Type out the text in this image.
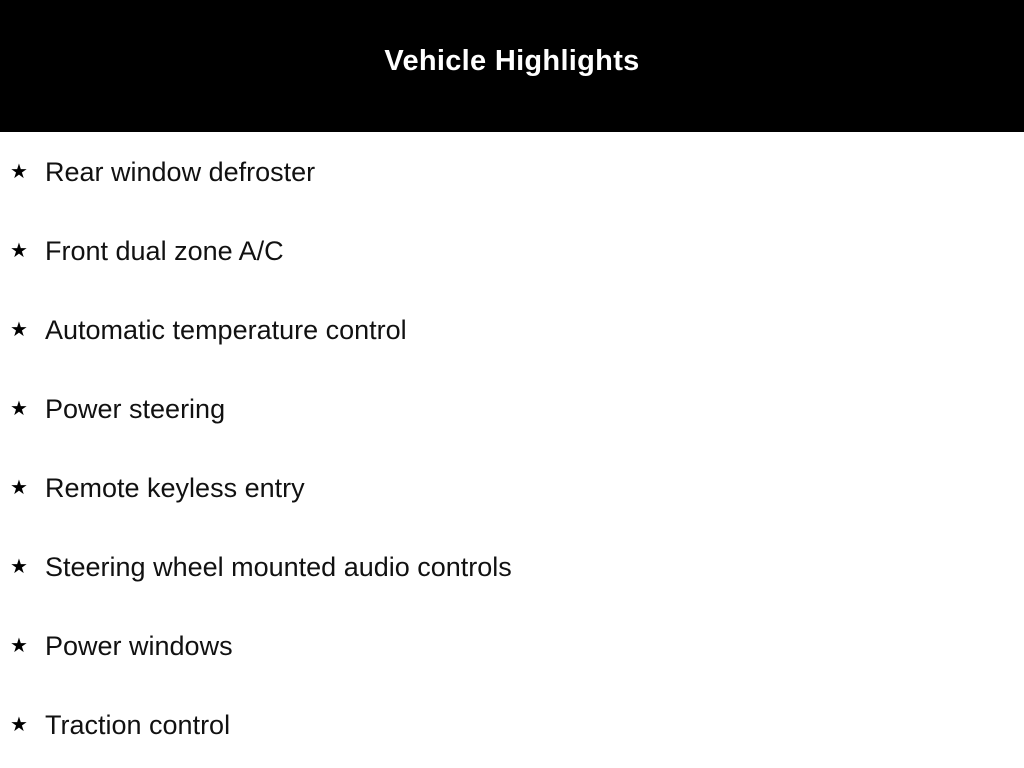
Vehicle Highlights
★ Rear window defroster
★ Front dual zone A/C
★ Automatic temperature control
★ Power steering
★ Remote keyless entry
★ Steering wheel mounted audio controls
★ Power windows
★ Traction control
